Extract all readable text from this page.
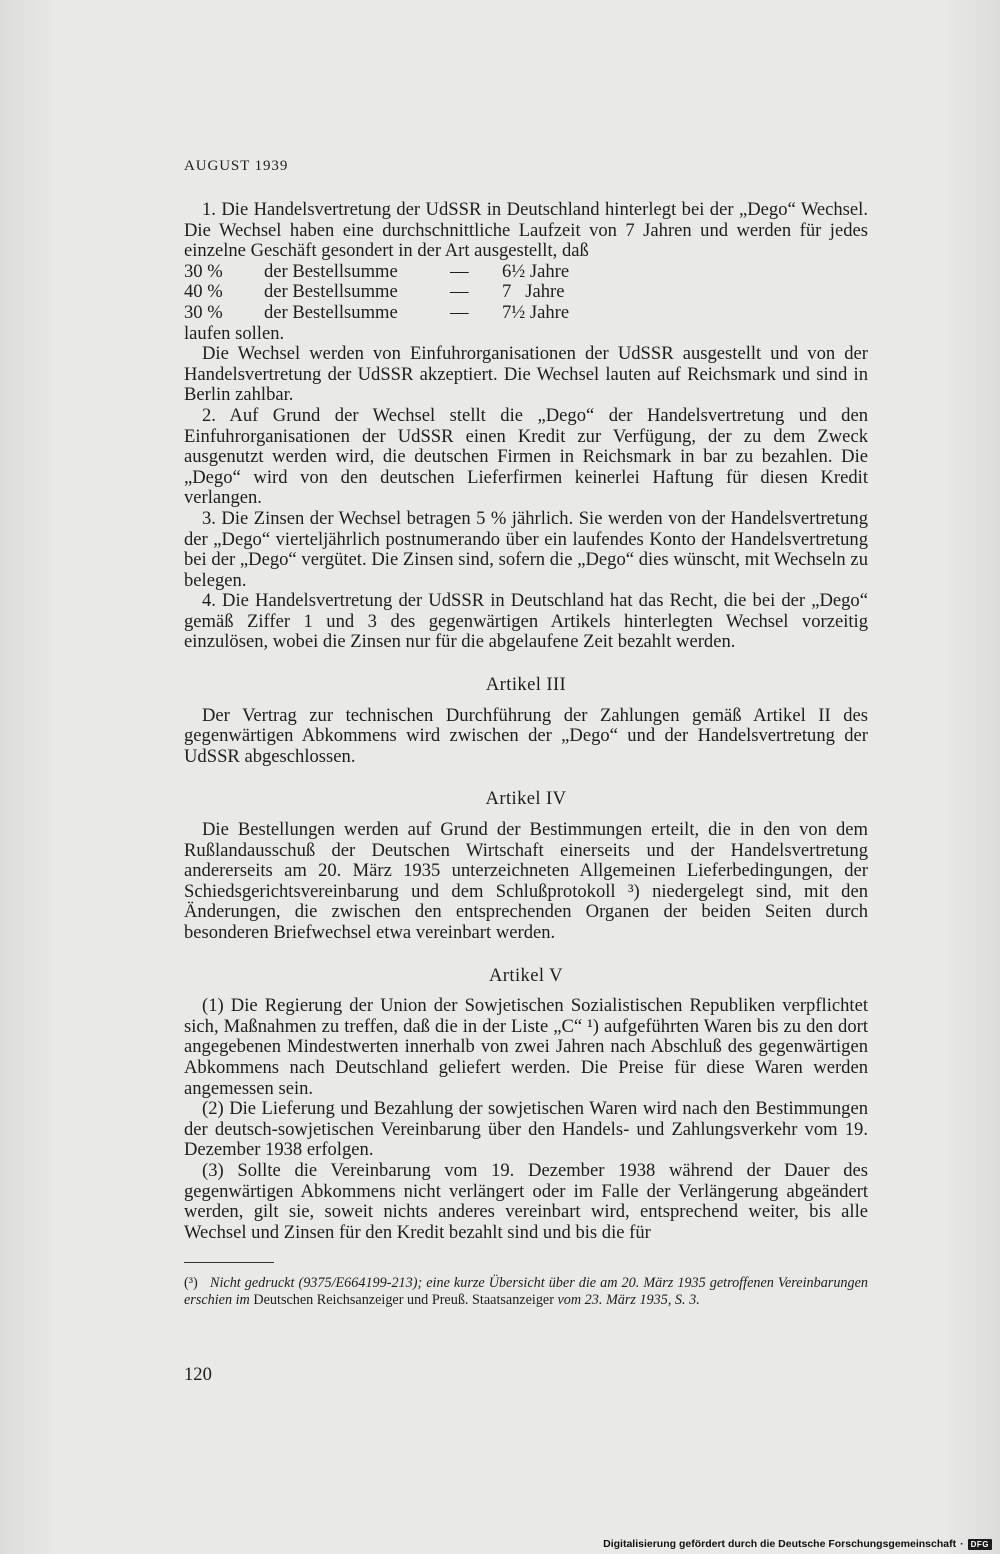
AUGUST 1939

1. Die Handelsvertretung der UdSSR in Deutschland hinterlegt bei der „Dego“ Wechsel. Die Wechsel haben eine durchschnittliche Laufzeit von 7 Jahren und werden für jedes einzelne Geschäft gesondert in der Art ausgestellt, daß

30 %	der Bestellsumme	—	6½ Jahre
40 %	der Bestellsumme	—	7   Jahre
30 %	der Bestellsumme	—	7½ Jahre

laufen sollen.

Die Wechsel werden von Einfuhrorganisationen der UdSSR ausgestellt und von der Handelsvertretung der UdSSR akzeptiert. Die Wechsel lauten auf Reichsmark und sind in Berlin zahlbar.

2. Auf Grund der Wechsel stellt die „Dego“ der Handelsvertretung und den Einfuhrorganisationen der UdSSR einen Kredit zur Verfügung, der zu dem Zweck ausgenutzt werden wird, die deutschen Firmen in Reichsmark in bar zu bezahlen. Die „Dego“ wird von den deutschen Lieferfirmen keinerlei Haftung für diesen Kredit verlangen.

3. Die Zinsen der Wechsel betragen 5 % jährlich. Sie werden von der Handelsvertretung der „Dego“ vierteljährlich postnumerando über ein laufendes Konto der Handelsvertretung bei der „Dego“ vergütet. Die Zinsen sind, sofern die „Dego“ dies wünscht, mit Wechseln zu belegen.

4. Die Handelsvertretung der UdSSR in Deutschland hat das Recht, die bei der „Dego“ gemäß Ziffer 1 und 3 des gegenwärtigen Artikels hinterlegten Wechsel vorzeitig einzulösen, wobei die Zinsen nur für die abgelaufene Zeit bezahlt werden.

Artikel III

Der Vertrag zur technischen Durchführung der Zahlungen gemäß Artikel II des gegenwärtigen Abkommens wird zwischen der „Dego“ und der Handelsvertretung der UdSSR abgeschlossen.

Artikel IV

Die Bestellungen werden auf Grund der Bestimmungen erteilt, die in den von dem Rußlandausschuß der Deutschen Wirtschaft einerseits und der Handelsvertretung andererseits am 20. März 1935 unterzeichneten Allgemeinen Lieferbedingungen, der Schiedsgerichtsvereinbarung und dem Schlußprotokoll ³) niedergelegt sind, mit den Änderungen, die zwischen den entsprechenden Organen der beiden Seiten durch besonderen Briefwechsel etwa vereinbart werden.

Artikel V

(1) Die Regierung der Union der Sowjetischen Sozialistischen Republiken verpflichtet sich, Maßnahmen zu treffen, daß die in der Liste „C“ ¹) aufgeführten Waren bis zu den dort angegebenen Mindestwerten innerhalb von zwei Jahren nach Abschluß des gegenwärtigen Abkommens nach Deutschland geliefert werden. Die Preise für diese Waren werden angemessen sein.

(2) Die Lieferung und Bezahlung der sowjetischen Waren wird nach den Bestimmungen der deutsch-sowjetischen Vereinbarung über den Handels- und Zahlungsverkehr vom 19. Dezember 1938 erfolgen.

(3) Sollte die Vereinbarung vom 19. Dezember 1938 während der Dauer des gegenwärtigen Abkommens nicht verlängert oder im Falle der Verlängerung abgeändert werden, gilt sie, soweit nichts anderes vereinbart wird, entsprechend weiter, bis alle Wechsel und Zinsen für den Kredit bezahlt sind und bis die für

(³) Nicht gedruckt (9375/E664199-213); eine kurze Übersicht über die am 20. März 1935 getroffenen Vereinbarungen erschien im Deutschen Reichsanzeiger und Preuß. Staatsanzeiger vom 23. März 1935, S. 3.
120
Digitalisierung gefördert durch die Deutsche Forschungsgemeinschaft · DFG
